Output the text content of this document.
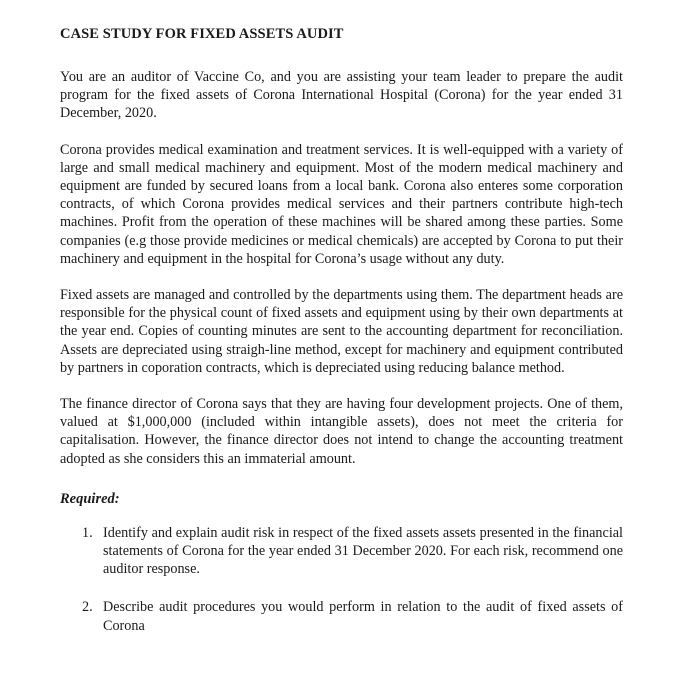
CASE STUDY FOR FIXED ASSETS AUDIT

You are an auditor of Vaccine Co, and you are assisting your team leader to prepare the audit program for the fixed assets of Corona International Hospital (Corona) for the year ended 31 December, 2020.

Corona provides medical examination and treatment services. It is well-equipped with a variety of large and small medical machinery and equipment. Most of the modern medical machinery and equipment are funded by secured loans from a local bank. Corona also enteres some corporation contracts, of which Corona provides medical services and their partners contribute high-tech machines. Profit from the operation of these machines will be shared among these parties. Some companies (e.g those provide medicines or medical chemicals) are accepted by Corona to put their machinery and equipment in the hospital for Corona’s usage without any duty.

Fixed assets are managed and controlled by the departments using them. The department heads are responsible for the physical count of fixed assets and equipment using by their own departments at the year end. Copies of counting minutes are sent to the accounting department for reconciliation. Assets are depreciated using straigh-line method, except for machinery and equipment contributed by partners in coporation contracts, which is depreciated using reducing balance method.

The finance director of Corona says that they are having four development projects. One of them, valued at $1,000,000 (included within intangible assets), does not meet the criteria for capitalisation. However, the finance director does not intend to change the accounting treatment adopted as she considers this an immaterial amount.

Required:
1. Identify and explain audit risk in respect of the fixed assets assets presented in the financial statements of Corona for the year ended 31 December 2020. For each risk, recommend one auditor response.
2. Describe audit procedures you would perform in relation to the audit of fixed assets of Corona
